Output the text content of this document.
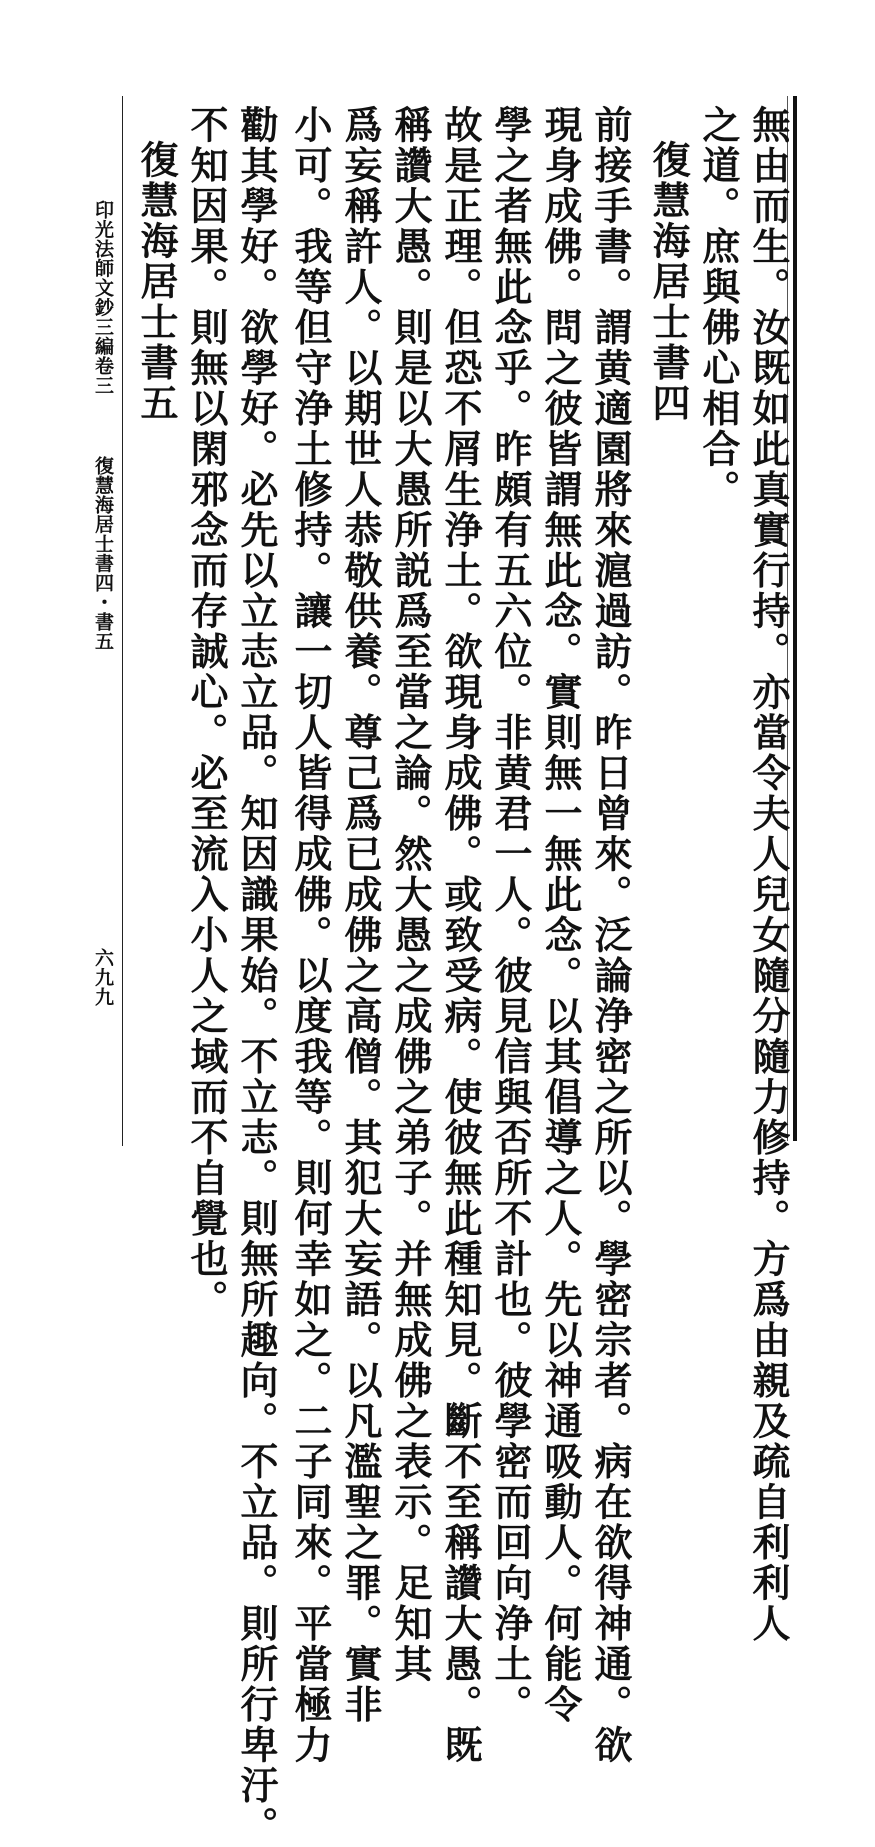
無由而生。汝既如此真實行持。亦當令夫人兒女隨分隨力修持。方爲由親及疏自利利人
之道。庶與佛心相合。
復慧海居士書四
前接手書。謂黄適園將來滬過訪。昨日曾來。泛論浄密之所以。學密宗者。病在欲得神通。欲
現身成佛。問之彼皆謂無此念。實則無一無此念。以其倡導之人。先以神通吸動人。何能令
學之者無此念乎。昨頗有五六位。非黄君一人。彼見信與否所不計也。彼學密而回向浄土。
故是正理。但恐不屑生浄土。欲現身成佛。或致受病。使彼無此種知見。斷不至稱讚大愚。既
稱讚大愚。則是以大愚所説爲至當之論。然大愚之成佛之弟子。并無成佛之表示。足知其
爲妄稱許人。以期世人恭敬供養。尊己爲已成佛之高僧。其犯大妄語。以凡濫聖之罪。實非
小可。我等但守浄土修持。讓一切人皆得成佛。以度我等。則何幸如之。二子同來。平當極力
勸其學好。欲學好。必先以立志立品。知因識果始。不立志。則無所趣向。不立品。則所行卑汙。
不知因果。則無以閑邪念而存誠心。必至流入小人之域而不自覺也。
復慧海居士書五
印光法師文鈔三編卷三
復慧海居士書四・書五
六九九
